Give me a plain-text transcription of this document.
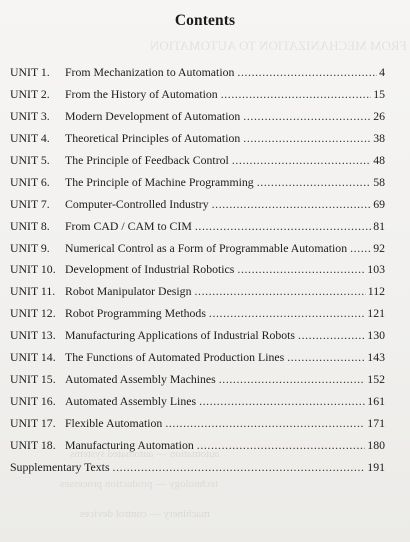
FROM MECHANIZATION TO AUTOMATION
automation — automated systems
technology — production processes
machinery — control devices
Contents
UNIT 1.	From Mechanization to Automation .....	4
UNIT 2.	From the History of Automation .....	15
UNIT 3.	Modern Development of Automation .....	26
UNIT 4.	Theoretical Principles of Automation .....	38
UNIT 5.	The Principle of Feedback Control .....	48
UNIT 6.	The Principle of Machine Programming .....	58
UNIT 7.	Computer-Controlled Industry .....	69
UNIT 8.	From CAD / CAM to CIM .....	81
UNIT 9.	Numerical Control as a Form of Programmable Automation ..... 92
UNIT 10. Development of Industrial Robotics .....	103
UNIT 11. Robot Manipulator Design .....	112
UNIT 12. Robot Programming Methods .....	121
UNIT 13. Manufacturing Applications of Industrial Robots .....	130
UNIT 14. The Functions of Automated Production Lines .....	143
UNIT 15. Automated Assembly Machines .....	152
UNIT 16. Automated Assembly Lines .....	161
UNIT 17. Flexible Automation .....	171
UNIT 18. Manufacturing Automation .....	180
Supplementary Texts .....	191
